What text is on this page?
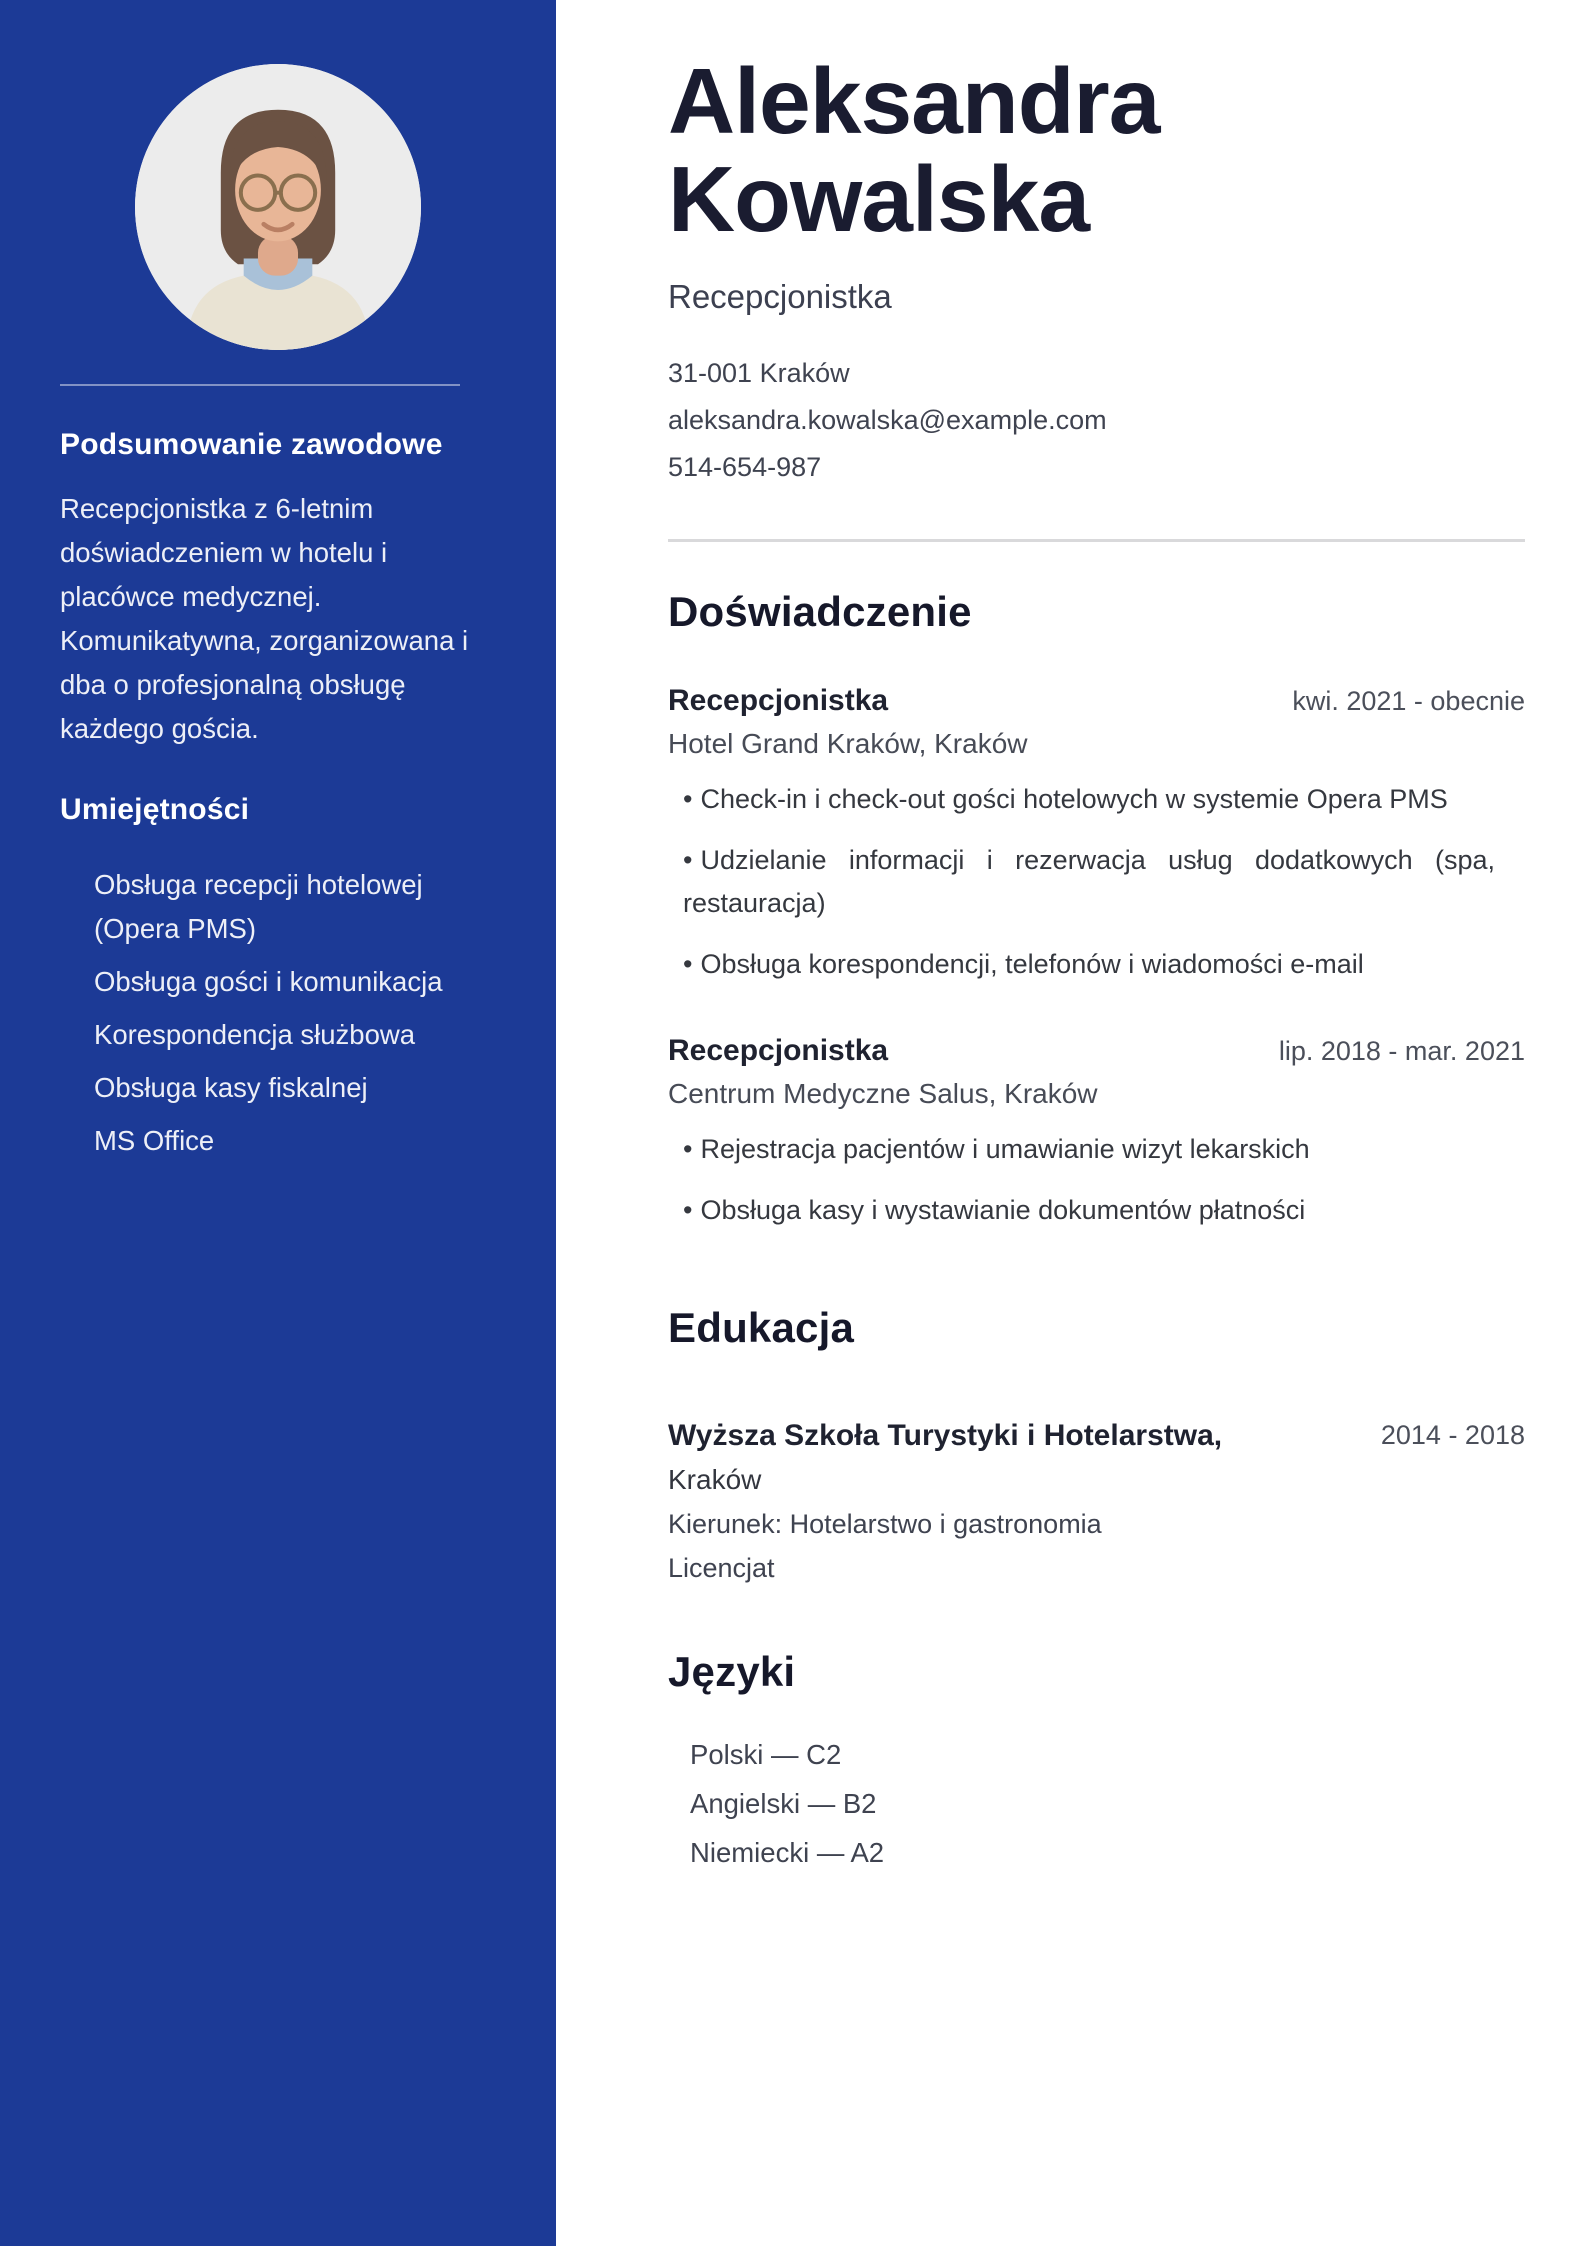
Podsumowanie zawodowe

Recepcjonistka z 6-letnim doświadczeniem w hotelu i placówce medycznej. Komunikatywna, zorganizowana i dba o profesjonalną obsługę każdego gościa.

Umiejętności
Obsługa recepcji hotelowej (Opera PMS)
Obsługa gości i komunikacja
Korespondencja służbowa
Obsługa kasy fiskalnej
MS Office
Aleksandra Kowalska
Recepcjonistka
31-001 Kraków
aleksandra.kowalska@example.com
514-654-987
Doświadczenie
Recepcjonistka	kwi. 2021 - obecnie
Hotel Grand Kraków, Kraków

• Check-in i check-out gości hotelowych w systemie Opera PMS

• Udzielanie informacji i rezerwacja usług dodatkowych (spa, restauracja)

• Obsługa korespondencji, telefonów i wiadomości e-mail

Recepcjonistka	lip. 2018 - mar. 2021
Centrum Medyczne Salus, Kraków

• Rejestracja pacjentów i umawianie wizyt lekarskich

• Obsługa kasy i wystawianie dokumentów płatności

Edukacja
Wyższa Szkoła Turystyki i Hotelarstwa,	2014 - 2018
Kraków
Kierunek: Hotelarstwo i gastronomia
Licencjat
Języki
Polski — C2
Angielski — B2
Niemiecki — A2
